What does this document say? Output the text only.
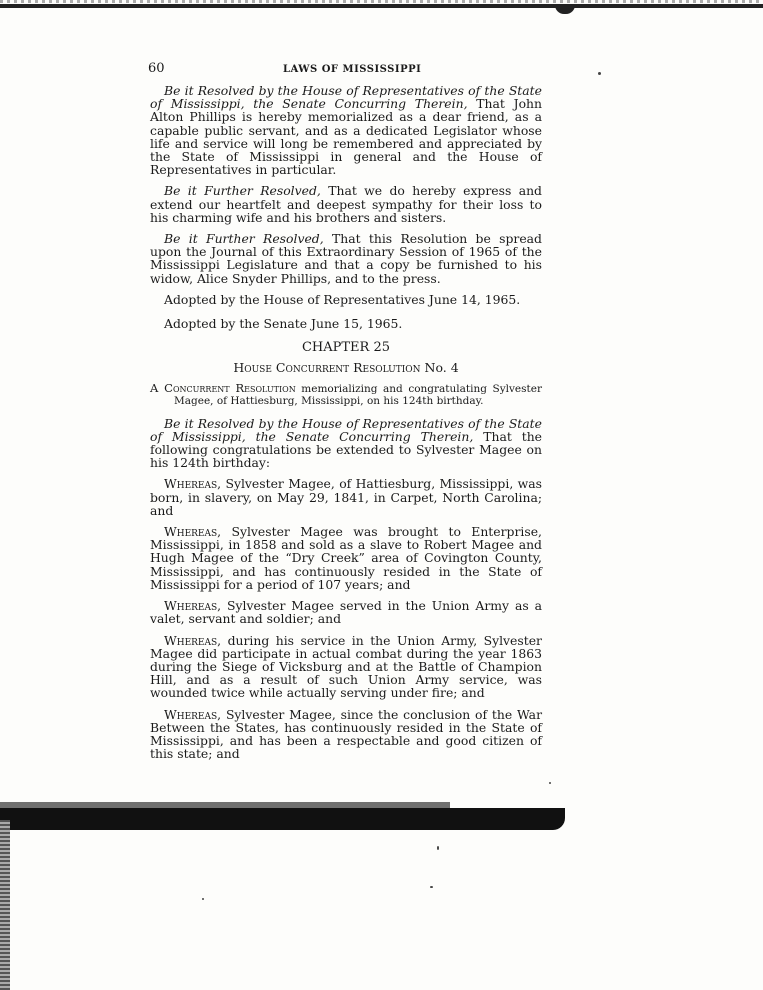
60	LAWS OF MISSISSIPPI

Be it Resolved by the House of Representatives of the State of Mississippi, the Senate Concurring Therein, That John Alton Phillips is hereby memorialized as a dear friend, as a capable public servant, and as a dedicated Legislator whose life and service will long be remembered and appreciated by the State of Mississippi in general and the House of Representatives in particular.

Be it Further Resolved, That we do hereby express and extend our heartfelt and deepest sympathy for their loss to his charming wife and his brothers and sisters.

Be it Further Resolved, That this Resolution be spread upon the Journal of this Extraordinary Session of 1965 of the Mississippi Legislature and that a copy be furnished to his widow, Alice Snyder Phillips, and to the press.

Adopted by the House of Representatives June 14, 1965.

Adopted by the Senate June 15, 1965.

CHAPTER 25
House Concurrent Resolution No. 4

A Concurrent Resolution memorializing and congratulating Sylvester Magee, of Hattiesburg, Mississippi, on his 124th birthday.

Be it Resolved by the House of Representatives of the State of Mississippi, the Senate Concurring Therein, That the following congratulations be extended to Sylvester Magee on his 124th birthday:

Whereas, Sylvester Magee, of Hattiesburg, Mississippi, was born, in slavery, on May 29, 1841, in Carpet, North Carolina; and

Whereas, Sylvester Magee was brought to Enterprise, Mississippi, in 1858 and sold as a slave to Robert Magee and Hugh Magee of the “Dry Creek” area of Covington County, Mississippi, and has continuously resided in the State of Mississippi for a period of 107 years; and

Whereas, Sylvester Magee served in the Union Army as a valet, servant and soldier; and

Whereas, during his service in the Union Army, Sylvester Magee did participate in actual combat during the year 1863 during the Siege of Vicksburg and at the Battle of Champion Hill, and as a result of such Union Army service, was wounded twice while actually serving under fire; and

Whereas, Sylvester Magee, since the conclusion of the War Between the States, has continuously resided in the State of Mississippi, and has been a respectable and good citizen of this state; and
